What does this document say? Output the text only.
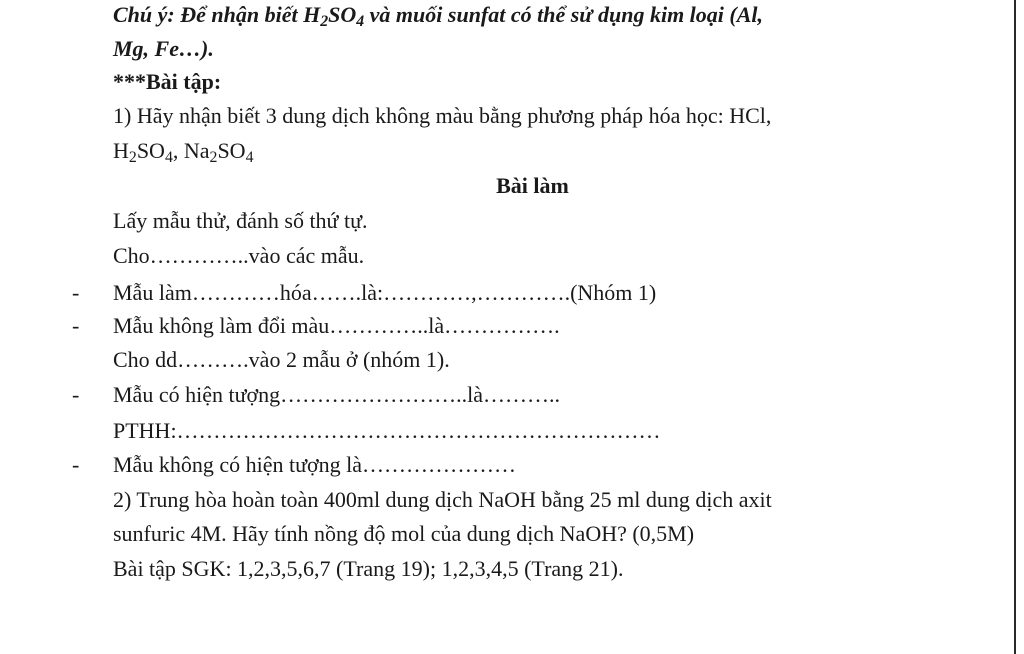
Chú ý: Để nhận biết $H_2SO_4$ và muối sunfat có thể sử dụng kim loại (Al,
Mg, Fe…).
***Bài tập:
1) Hãy nhận biết 3 dung dịch không màu bằng phương pháp hóa học: HCl,
$H_2SO_4$, $Na_2SO_4$
Bài làm
Lấy mẫu thử, đánh số thứ tự.
Cho…………..vào các mẫu.
- Mẫu làm…………hóa…….là:…………,………….(Nhóm 1)
- Mẫu không làm đổi màu…………..là…………….
Cho dd……….vào 2 mẫu ở (nhóm 1).
- Mẫu có hiện tượng……………………..là………..
PTHH:…………………………………………………………
- Mẫu không có hiện tượng là…………………
2) Trung hòa hoàn toàn 400ml dung dịch NaOH bằng 25 ml dung dịch axit
sunfuric 4M. Hãy tính nồng độ mol của dung dịch NaOH? (0,5M)
Bài tập SGK: 1,2,3,5,6,7 (Trang 19); 1,2,3,4,5 (Trang 21).
